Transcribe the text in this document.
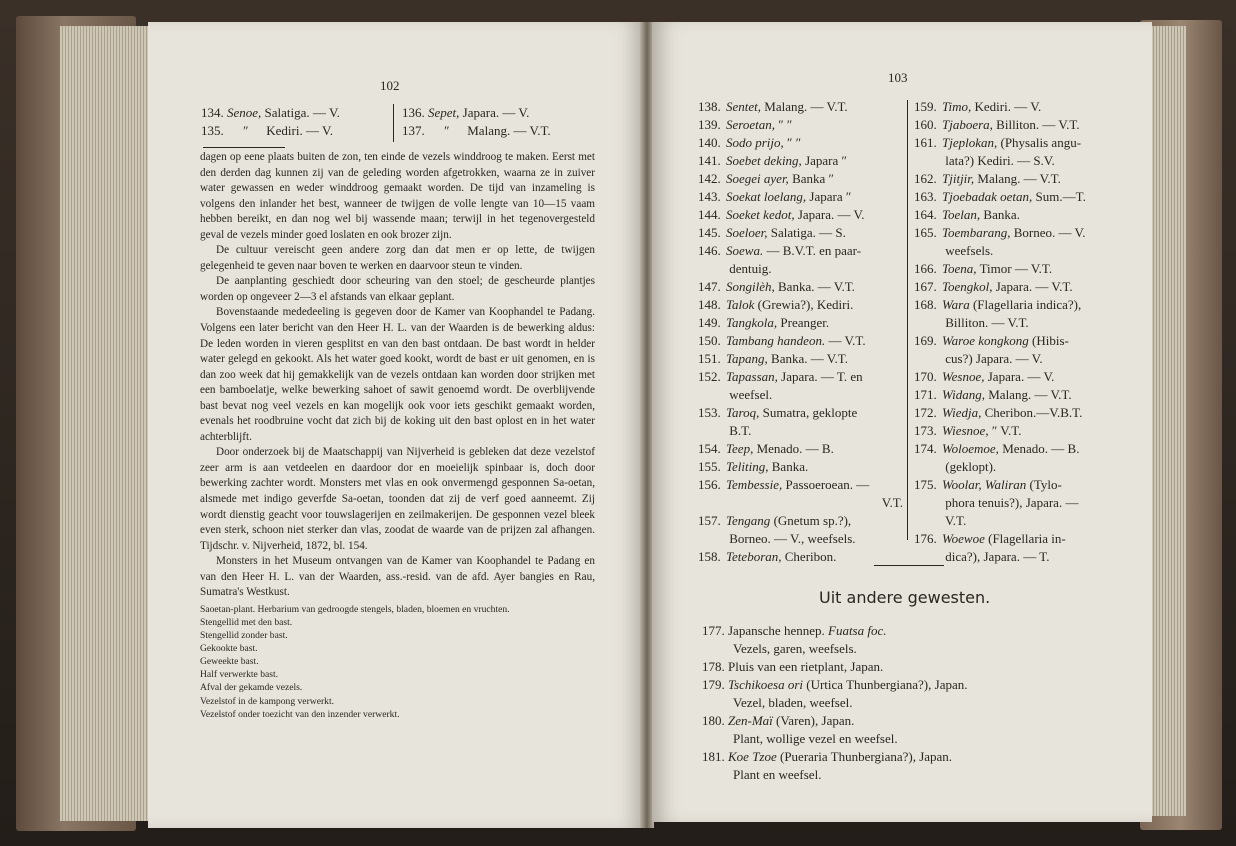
102
134. Senoe, Salatiga. — V.
135. ″ Kediri. — V.
136. Sepet, Japara. — V.
137. ″ Malang. — V.T.

dagen op eene plaats buiten de zon, ten einde de vezels winddroog te maken. Eerst met den derden dag kunnen zij van de geleding worden afgetrokken, waarna ze in zuiver water gewassen en weder winddroog gemaakt worden. De tijd van inzameling is volgens den inlander het best, wanneer de twijgen de volle lengte van 10—15 vaam hebben bereikt, en dan nog wel bij wassende maan; terwijl in het tegenovergesteld geval de vezels minder goed loslaten en ook brozer zijn.

De cultuur vereischt geen andere zorg dan dat men er op lette, de twijgen gelegenheid te geven naar boven te werken en daarvoor steun te vinden.

De aanplanting geschiedt door scheuring van den stoel; de gescheurde plantjes worden op ongeveer 2—3 el afstands van elkaar geplant.

Bovenstaande mededeeling is gegeven door de Kamer van Koophandel te Padang. Volgens een later bericht van den Heer H. L. van der Waarden is de bewerking aldus: De leden worden in vieren gesplitst en van den bast ontdaan. De bast wordt in helder water gelegd en gekookt. Als het water goed kookt, wordt de bast er uit genomen, en is dan zoo week dat hij gemakkelijk van de vezels ontdaan kan worden door strijken met een bamboelatje, welke bewerking sahoet of sawit genoemd wordt. De overblijvende bast bevat nog veel vezels en kan mogelijk ook voor iets geschikt gemaakt worden, evenals het roodbruine vocht dat zich bij de koking uit den bast oplost en in het water achterblijft.

Door onderzoek bij de Maatschappij van Nijverheid is gebleken dat deze vezelstof zeer arm is aan vetdeelen en daardoor dor en moeielijk spinbaar is, doch door bewerking zachter wordt. Monsters met vlas en ook onvermengd gesponnen Sa-oetan, alsmede met indigo geverfde Sa-oetan, toonden dat zij de verf goed aanneemt. Zij wordt dienstig geacht voor touwslagerijen en zeilmakerijen. De gesponnen vezel bleek even sterk, schoon niet sterker dan vlas, zoodat de waarde van de prijzen zal afhangen. Tijdschr. v. Nijverheid, 1872, bl. 154.

Monsters in het Museum ontvangen van de Kamer van Koophandel te Padang en van den Heer H. L. van der Waarden, ass.-resid. van de afd. Ayer bangies en Rau, Sumatra's Westkust.

Saoetan-plant. Herbarium van gedroogde stengels, bladen, bloemen en vruchten.
Stengellid met den bast.
Stengellid zonder bast.
Gekookte bast.
Geweekte bast.
Half verwerkte bast.
Afval der gekamde vezels.
Vezelstof in de kampong verwerkt.
Vezelstof onder toezicht van den inzender verwerkt.
103
138. Sentet, Malang. — V.T.
139. Seroetan, ″ ″
140. Sodo prijo, ″ ″
141. Soebet deking, Japara ″
142. Soegei ayer, Banka ″
143. Soekat loelang, Japara ″
144. Soeket kedot, Japara. — V.
145. Soeloer, Salatiga. — S.
146. Soewa. — B.V.T. en paar-
dentuig.
147. Songilèh, Banka. — V.T.
148. Talok (Grewia?), Kediri.
149. Tangkola, Preanger.
150. Tambang handeon. — V.T.
151. Tapang, Banka. — V.T.
152. Tapassan, Japara. — T. en
weefsel.
153. Taroq, Sumatra, geklopte
B.T.
154. Teep, Menado. — B.
155. Teliting, Banka.
156. Tembessie, Passoeroean. —
V.T.
157. Tengang (Gnetum sp.?),
Borneo. — V., weefsels.
158. Teteboran, Cheribon.
159. Timo, Kediri. — V.
160. Tjaboera, Billiton. — V.T.
161. Tjeplokan, (Physalis angu-
lata?) Kediri. — S.V.
162. Tjitjir, Malang. — V.T.
163. Tjoebadak oetan, Sum.—T.
164. Toelan, Banka.
165. Toembarang, Borneo. — V.
weefsels.
166. Toena, Timor — V.T.
167. Toengkol, Japara. — V.T.
168. Wara (Flagellaria indica?),
Billiton. — V.T.
169. Waroe kongkong (Hibis-
cus?) Japara. — V.
170. Wesnoe, Japara. — V.
171. Widang, Malang. — V.T.
172. Wiedja, Cheribon.—V.B.T.
173. Wiesnoe, ″ V.T.
174. Woloemoe, Menado. — B.
(geklopt).
175. Woolar, Waliran (Tylo-
phora tenuis?), Japara. —
V.T.
176. Woewoe (Flagellaria in-
dica?), Japara. — T.
Uit andere gewesten.
177. Japansche hennep. Fuatsa foc.
Vezels, garen, weefsels.
178. Pluis van een rietplant, Japan.
179. Tschikoesa ori (Urtica Thunbergiana?), Japan.
Vezel, bladen, weefsel.
180. Zen-Maï (Varen), Japan.
Plant, wollige vezel en weefsel.
181. Koe Tzoe (Pueraria Thunbergiana?), Japan.
Plant en weefsel.
